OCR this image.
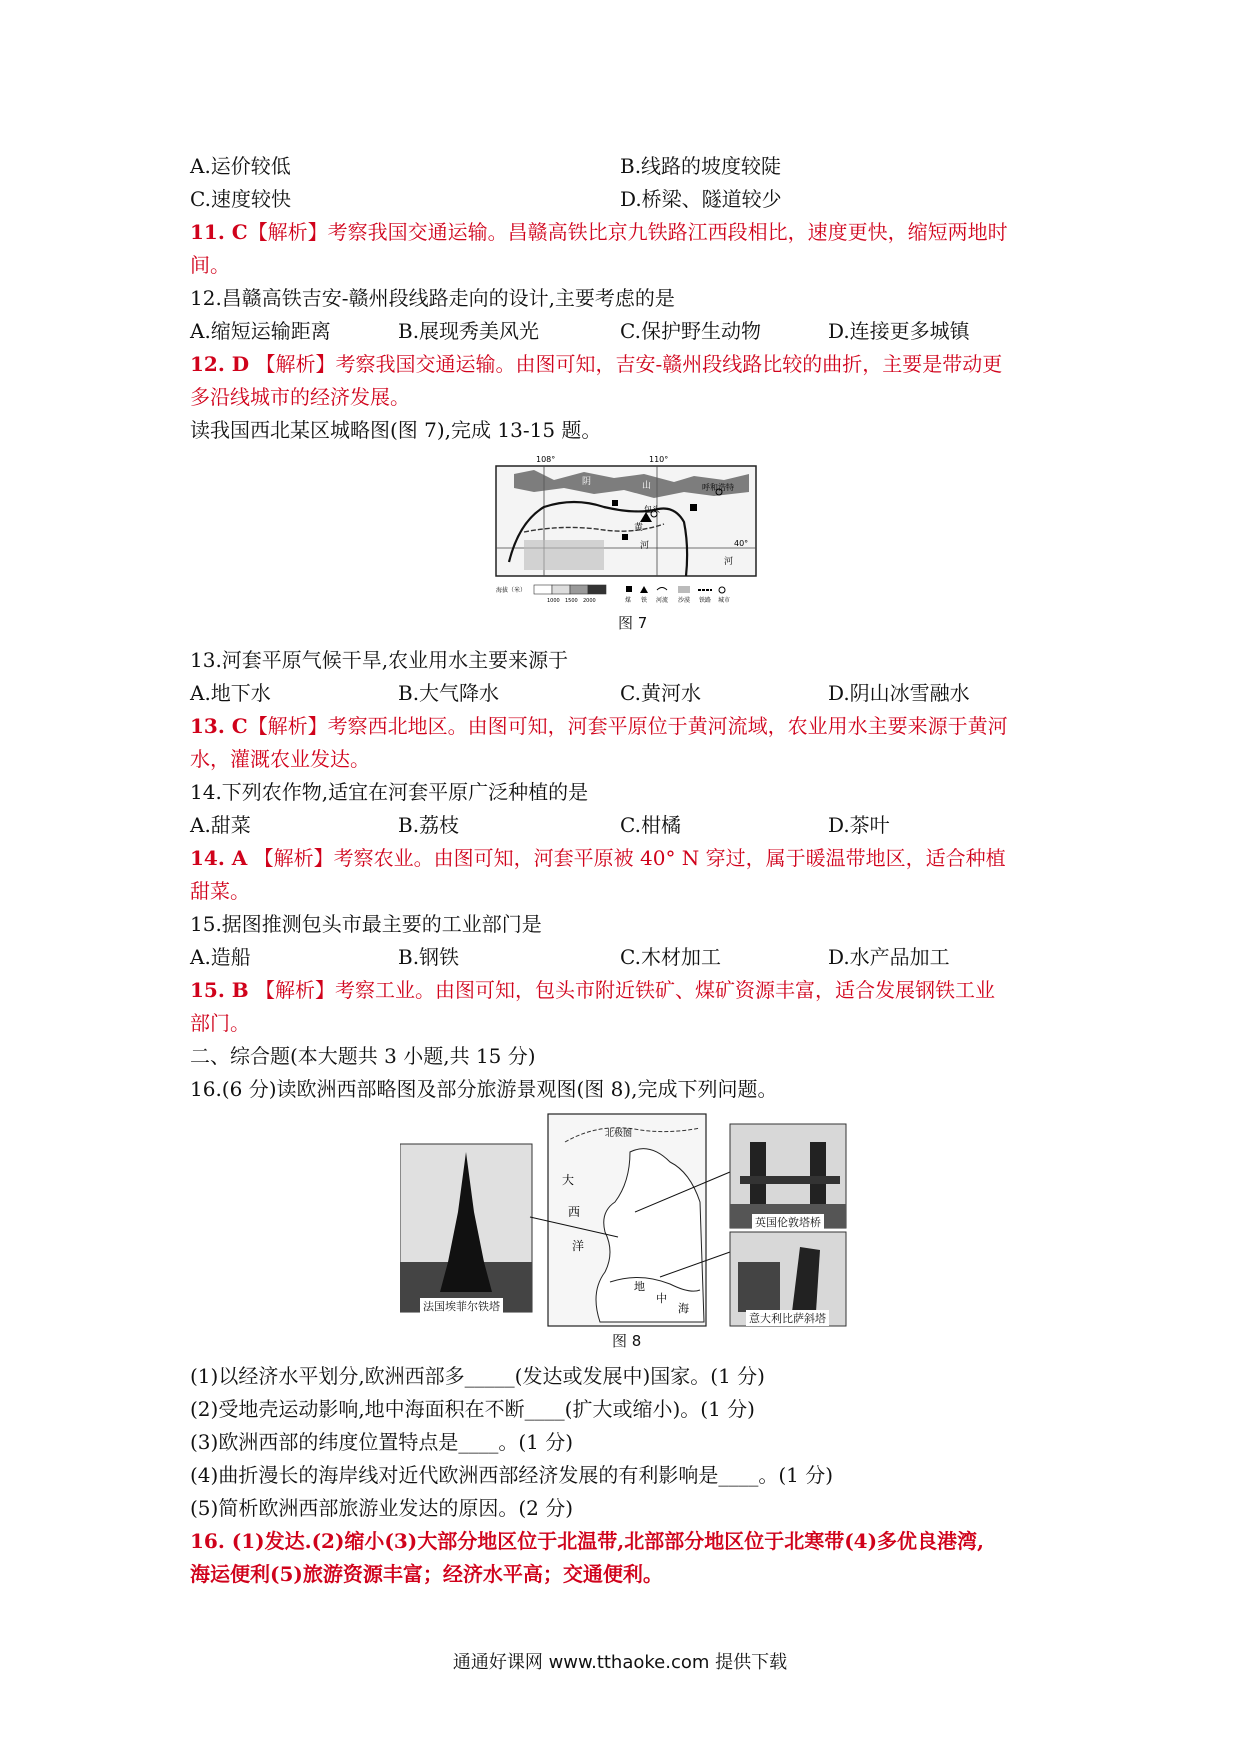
A.运价较低	B.线路的坡度较陡
C.速度较快	D.桥梁、隧道较少
11. C【解析】考察我国交通运输。昌赣高铁比京九铁路江西段相比，速度更快，缩短两地时
间。
12.昌赣高铁吉安-赣州段线路走向的设计,主要考虑的是
A.缩短运输距离	B.展现秀美风光	C.保护野生动物	D.连接更多城镇
12. D 【解析】考察我国交通运输。由图可知，吉安-赣州段线路比较的曲折，主要是带动更
多沿线城市的经济发展。
读我国西北某区城略图(图 7),完成 13-15 题。
108°	110°
40°
阴	山	呼和浩特
包头
黄
河
河
海拔（米）
1000 1500 2000	煤 铁 河流 沙漠 铁路 城市
图 7
13.河套平原气候干旱,农业用水主要来源于
A.地下水	B.大气降水	C.黄河水	D.阴山冰雪融水
13. C【解析】考察西北地区。由图可知，河套平原位于黄河流域，农业用水主要来源于黄河
水，灌溉农业发达。
14.下列农作物,适宜在河套平原广泛种植的是
A.甜菜	B.荔枝	C.柑橘	D.茶叶
14. A 【解析】考察农业。由图可知，河套平原被 40° N 穿过，属于暖温带地区，适合种植
甜菜。
15.据图推测包头市最主要的工业部门是
A.造船	B.钢铁	C.木材加工	D.水产品加工
15. B 【解析】考察工业。由图可知，包头市附近铁矿、煤矿资源丰富，适合发展钢铁工业
部门。
二、综合题(本大题共 3 小题,共 15 分)
16.(6 分)读欧洲西部略图及部分旅游景观图(图 8),完成下列问题。
北极圈
大
西
洋
地
中
海
法国埃菲尔铁塔
英国伦敦塔桥
意大利比萨斜塔
图 8
(1)以经济水平划分,欧洲西部多_____(发达或发展中)国家。(1 分)
(2)受地壳运动影响,地中海面积在不断____(扩大或缩小)。(1 分)
(3)欧洲西部的纬度位置特点是____。(1 分)
(4)曲折漫长的海岸线对近代欧洲西部经济发展的有利影响是____。(1 分)
(5)简析欧洲西部旅游业发达的原因。(2 分)
16. (1)发达.(2)缩小(3)大部分地区位于北温带,北部部分地区位于北寒带(4)多优良港湾,
海运便利(5)旅游资源丰富；经济水平高；交通便利。
通通好课网 www.tthaoke.com 提供下载
